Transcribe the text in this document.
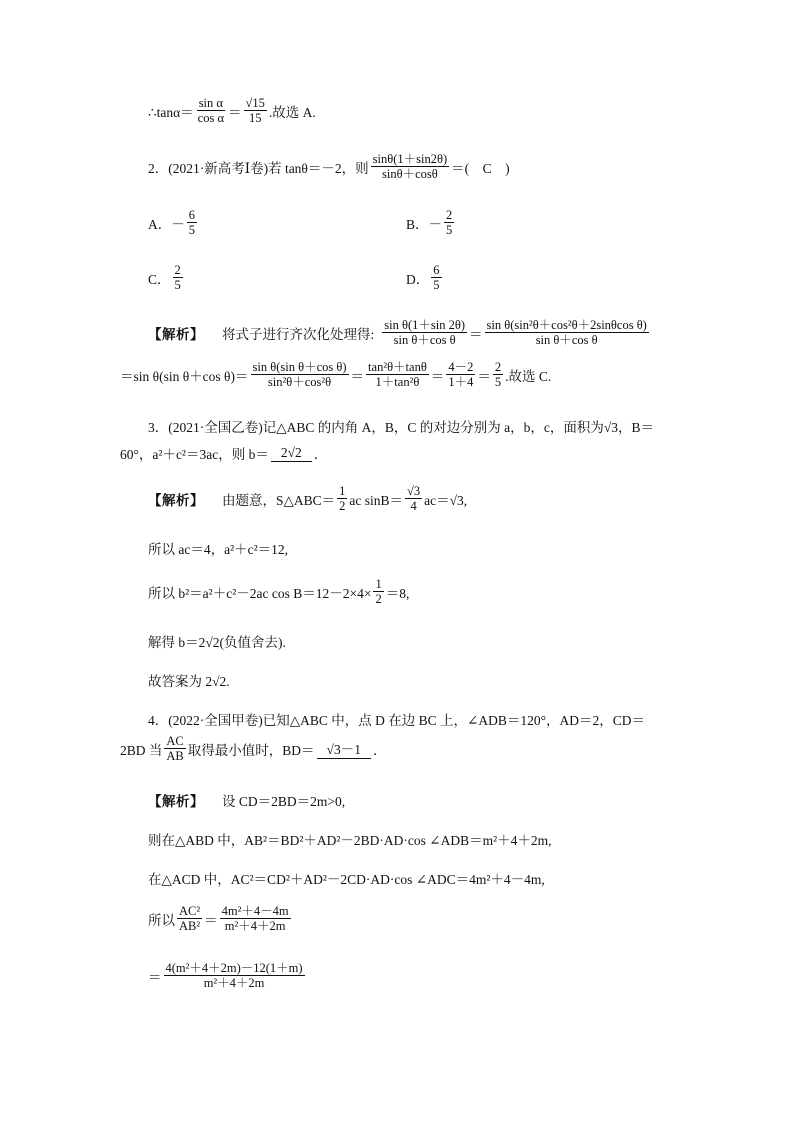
∴tanα＝ $\frac{\text{sin α}}{\text{cos α}} = \frac{√15}{15}$ .故选 A.
2．(2021·新高考Ⅰ卷)若 tanθ＝－2，则 $\frac{\sin\theta(1+\sin 2\theta)}{\sin\theta+\cos\theta}$ ＝(　C　)
A．－ $\frac{6}{5}$	B．－ $\frac{2}{5}$
C． $\frac{2}{5}$	D． $\frac{6}{5}$
【解析】 将式子进行齐次化处理得: $\frac{\text{sin θ(1＋sin 2θ)}}{\text{sin θ＋cos θ}} = \frac{\text{sin θ(sin²θ＋cos²θ＋2sinθcos θ)}}{\text{sin θ＋cos θ}}$
＝sin θ(sin θ＋cos $\theta)= \frac{\text{sin θ(sin θ＋cos θ)}}{\text{sin²θ＋cos²θ}} = \frac{\text{tan²θ＋tanθ}}{\text{1＋tan²θ}} = \frac{4-2}{1+4} = \frac{2}{5}$ .故选 C.
3．(2021·全国乙卷)记△ABC 的内角 A，B，C 的对边分别为 a，b，c，面积为√3，B＝
60°，a²＋c²＝3ac，则 b＝ 2√2 ．
【解析】 由题意，S△ABC＝ $\frac{1}{2}$ ac $\sin B= \frac{√3}{4} ac=√3$,
所以 ac＝4，a²＋c²＝12,
所以 b²＝a²＋c²－2ac $\cos B=12-2\times 4\times \frac{1}{2} =8$,
解得 b＝2√2(负值舍去).
故答案为 2√2.
4．(2022·全国甲卷)已知△ABC 中，点 D 在边 BC 上，∠ADB＝120°，AD＝2，CD＝
2BD 当 $\frac{AC}{AB}$ 取得最小值时，BD＝ √3－1 ．
【解析】 设 CD＝2BD＝2m>0,
则在△ABD 中，AB²＝BD²＋AD²－2BD·AD·cos ∠ADB＝m²＋4＋2m,
在△ACD 中，AC²＝CD²＋AD²－2CD·AD·cos ∠ADC＝4m²＋4－4m,
所以 $\frac{\text{AC²}}{\text{AB²}} = \frac{\text{4m²＋4－4m}}{\text{m²＋4＋2m}}$
＝ $\frac{\text{4(m²＋4＋2m)－12(1＋m)}}{\text{m²＋4＋2m}}$
